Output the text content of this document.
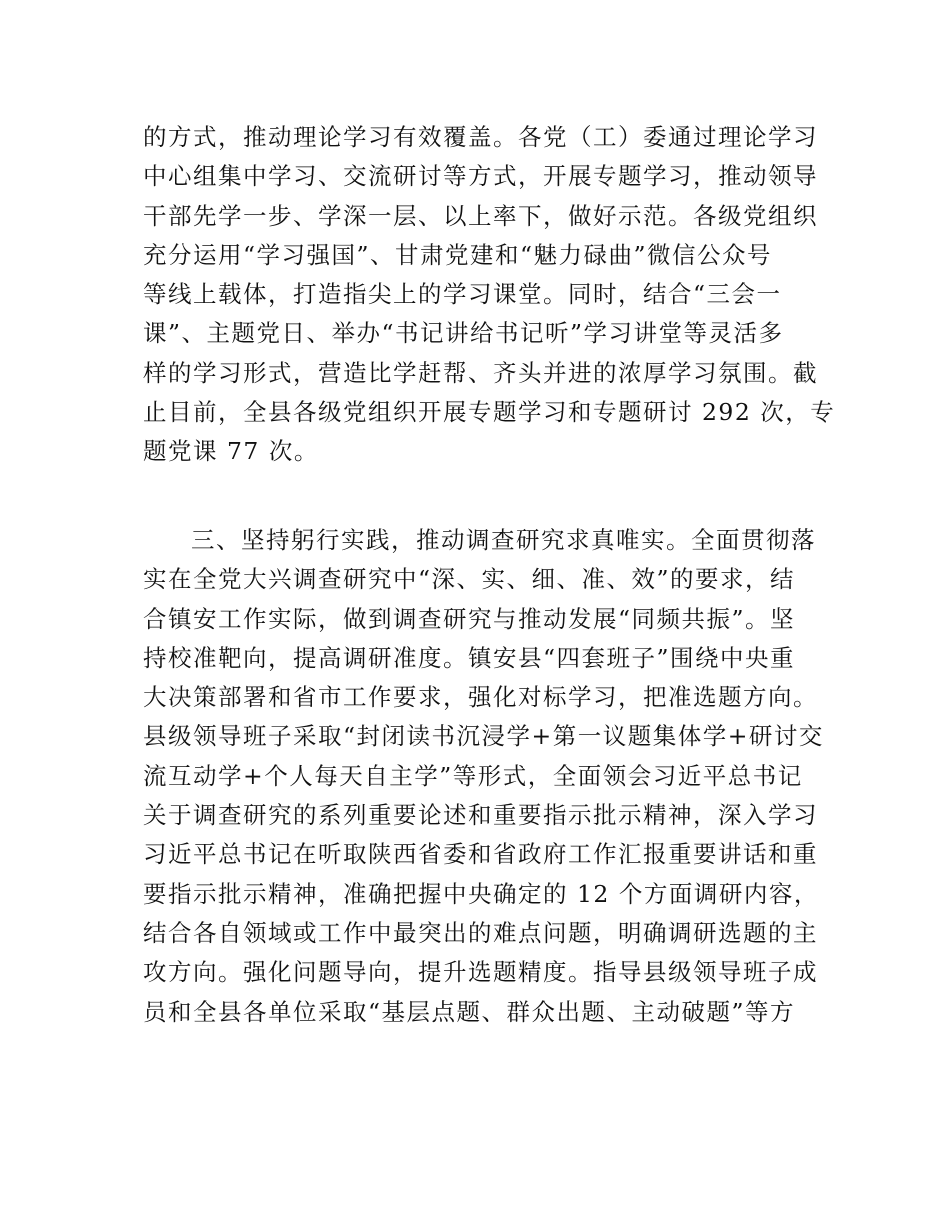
的方式，推动理论学习有效覆盖。各党（工）委通过理论学习
中心组集中学习、交流研讨等方式，开展专题学习，推动领导
干部先学一步、学深一层、以上率下，做好示范。各级党组织
充分运用“学习强国”、甘肃党建和“魅力碌曲”微信公众号
等线上载体，打造指尖上的学习课堂。同时，结合“三会一
课”、主题党日、举办“书记讲给书记听”学习讲堂等灵活多
样的学习形式，营造比学赶帮、齐头并进的浓厚学习氛围。截
止目前，全县各级党组织开展专题学习和专题研讨 292 次，专
题党课 77 次。
三、坚持躬行实践，推动调查研究求真唯实。全面贯彻落
实在全党大兴调查研究中“深、实、细、准、效”的要求，结
合镇安工作实际，做到调查研究与推动发展“同频共振”。坚
持校准靶向，提高调研准度。镇安县“四套班子”围绕中央重
大决策部署和省市工作要求，强化对标学习，把准选题方向。
县级领导班子采取“封闭读书沉浸学+第一议题集体学+研讨交
流互动学+个人每天自主学”等形式，全面领会习近平总书记
关于调查研究的系列重要论述和重要指示批示精神，深入学习
习近平总书记在听取陕西省委和省政府工作汇报重要讲话和重
要指示批示精神，准确把握中央确定的 12 个方面调研内容，
结合各自领域或工作中最突出的难点问题，明确调研选题的主
攻方向。强化问题导向，提升选题精度。指导县级领导班子成
员和全县各单位采取“基层点题、群众出题、主动破题”等方
